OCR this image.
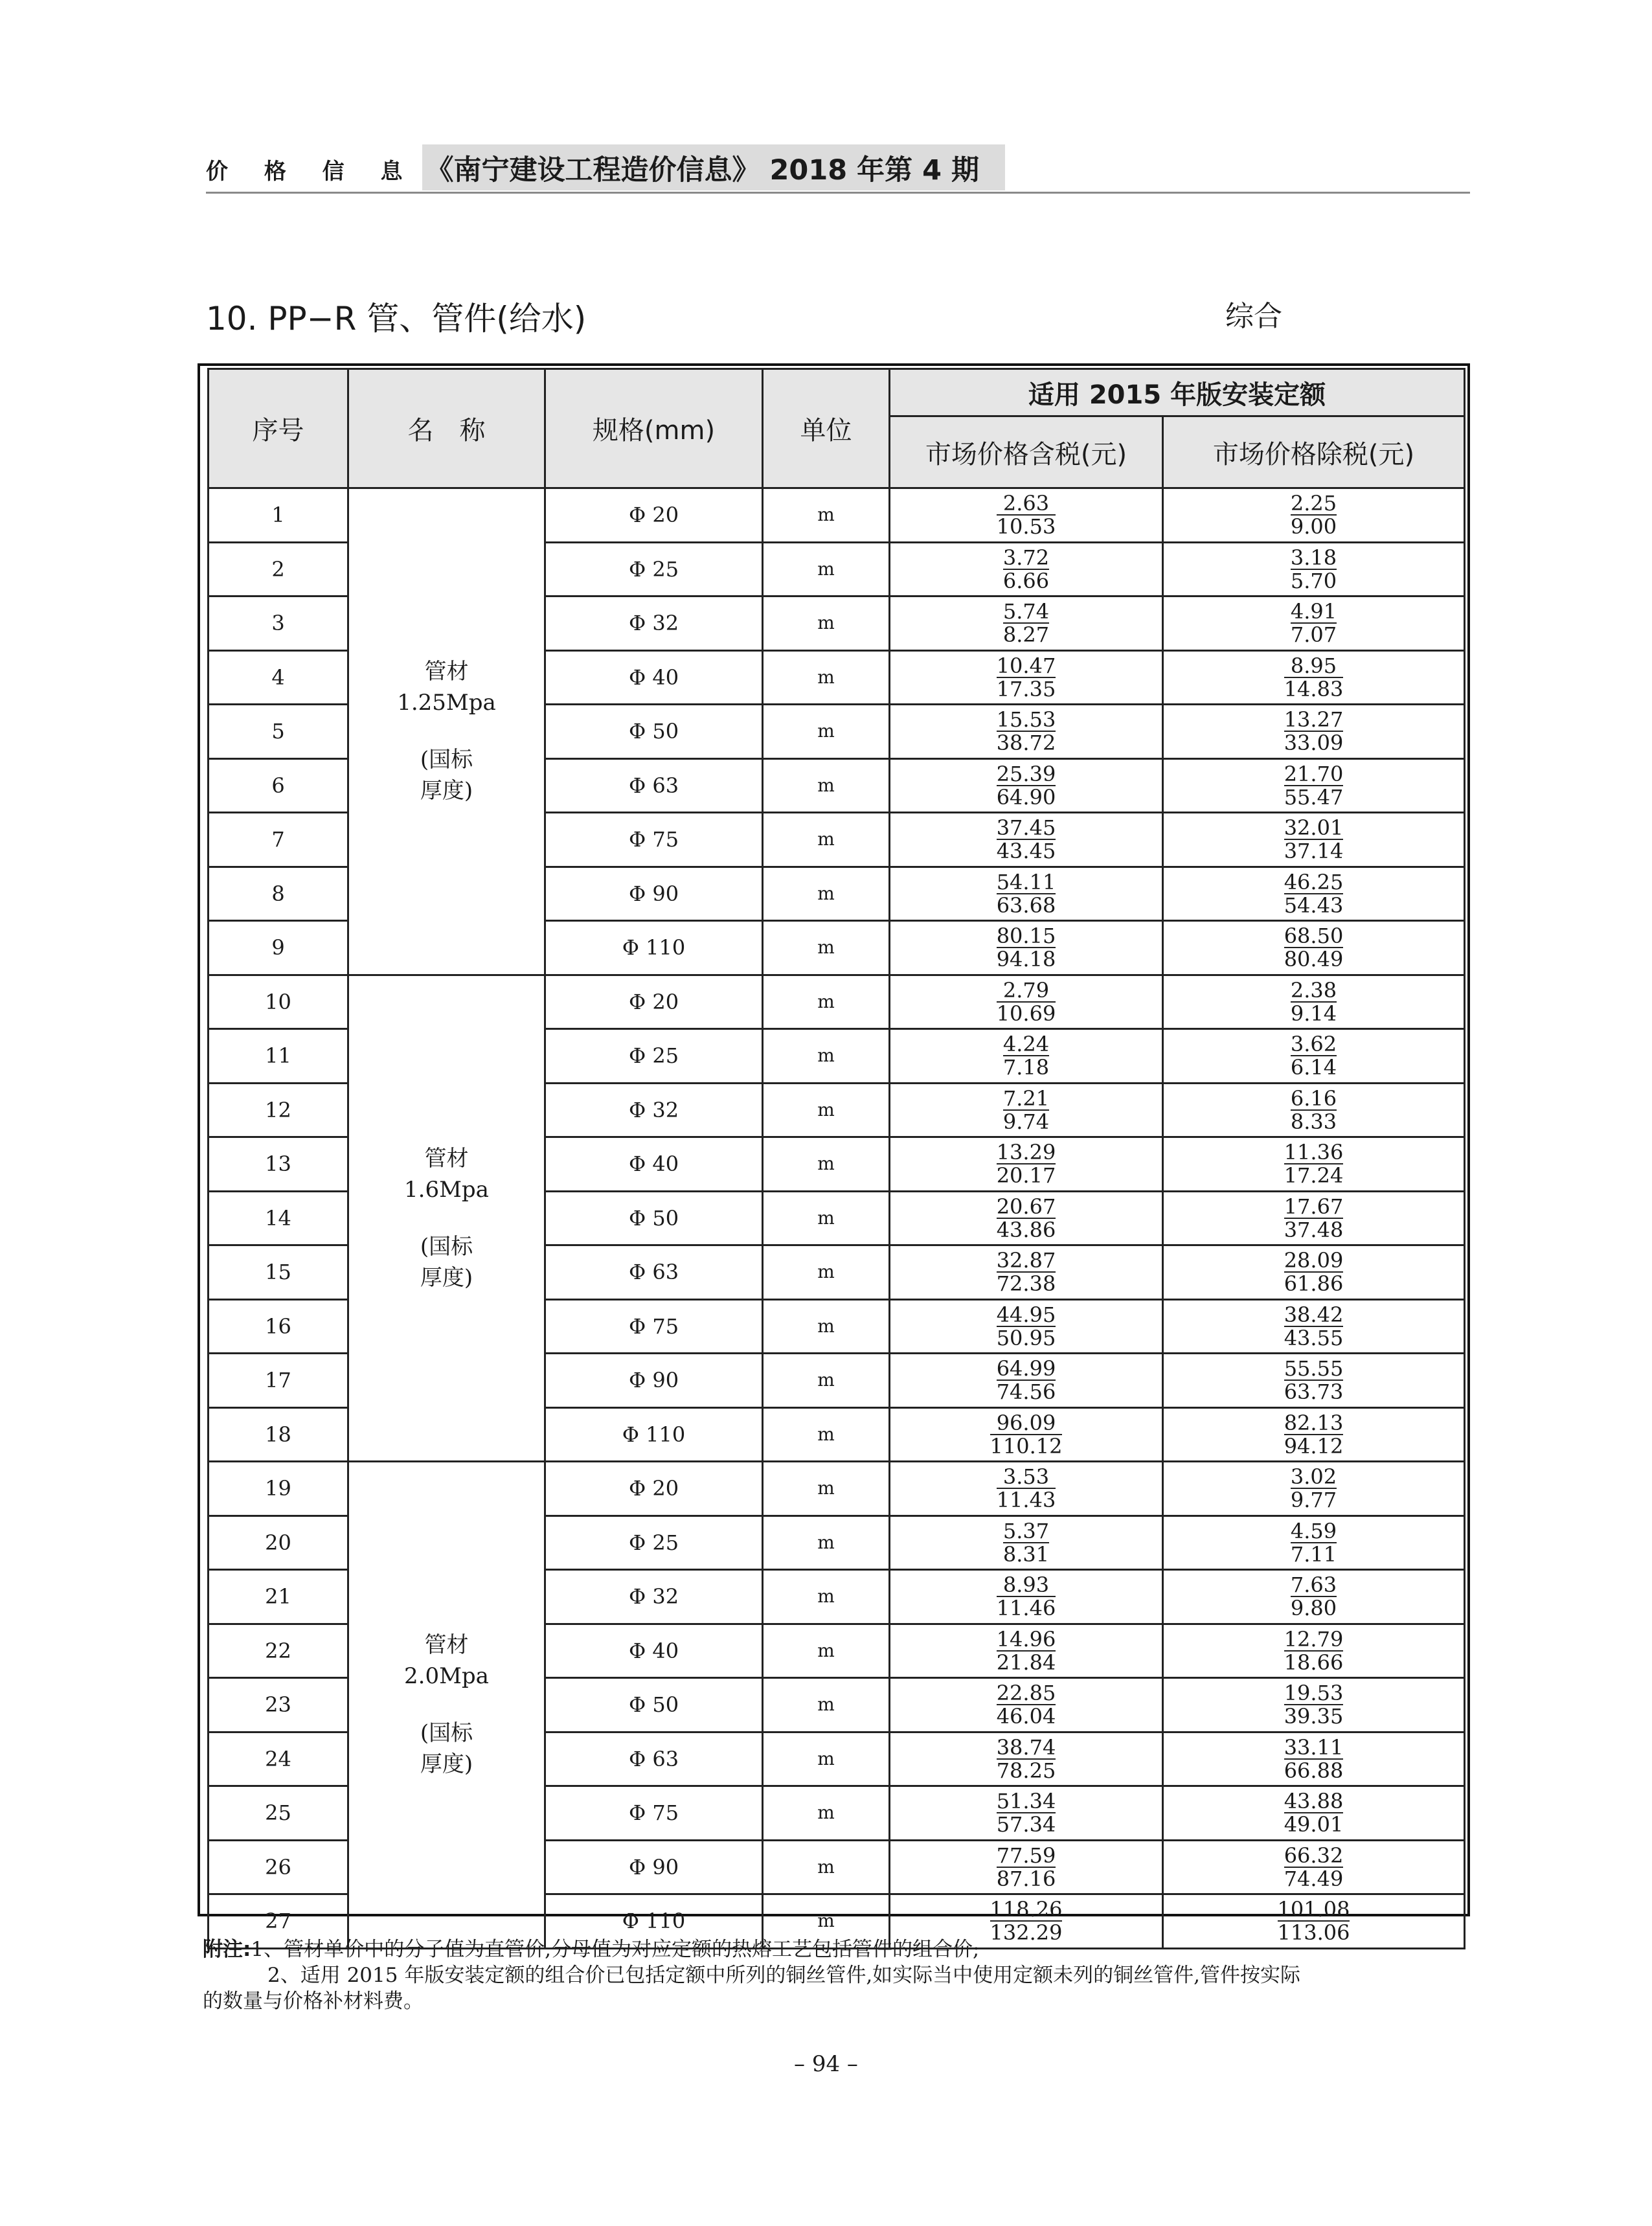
价 格 信 息 《南宁建设工程造价信息》 2018 年第 4 期
10. PP−R 管、管件(给水)	综合
序号	名　称	规格(mm)	单位	适用 2015 年版安装定额	
				市场价格含税(元)	市场价格除税(元)
1	管材
1.25Mpa
(国标
厚度)	Φ 20	m	$\frac{2.63}{10.53}$	$\frac{2.25}{9.00}$

2		Φ 25	m	$\frac{3.72}{6.66}$	$\frac{3.18}{5.70}$

3		Φ 32	m	$\frac{5.74}{8.27}$	$\frac{4.91}{7.07}$

4		Φ 40	m	$\frac{10.47}{17.35}$	$\frac{8.95}{14.83}$

5		Φ 50	m	$\frac{15.53}{38.72}$	$\frac{13.27}{33.09}$

6		Φ 63	m	$\frac{25.39}{64.90}$	$\frac{21.70}{55.47}$

7		Φ 75	m	$\frac{37.45}{43.45}$	$\frac{32.01}{37.14}$

8		Φ 90	m	$\frac{54.11}{63.68}$	$\frac{46.25}{54.43}$

9		Φ 110	m	$\frac{80.15}{94.18}$	$\frac{68.50}{80.49}$

10	管材
1.6Mpa
(国标
厚度)	Φ 20	m	$\frac{2.79}{10.69}$	$\frac{2.38}{9.14}$

11		Φ 25	m	$\frac{4.24}{7.18}$	$\frac{3.62}{6.14}$

12		Φ 32	m	$\frac{7.21}{9.74}$	$\frac{6.16}{8.33}$

13		Φ 40	m	$\frac{13.29}{20.17}$	$\frac{11.36}{17.24}$

14		Φ 50	m	$\frac{20.67}{43.86}$	$\frac{17.67}{37.48}$

15		Φ 63	m	$\frac{32.87}{72.38}$	$\frac{28.09}{61.86}$

16		Φ 75	m	$\frac{44.95}{50.95}$	$\frac{38.42}{43.55}$

17		Φ 90	m	$\frac{64.99}{74.56}$	$\frac{55.55}{63.73}$

18		Φ 110	m	$\frac{96.09}{110.12}$	$\frac{82.13}{94.12}$

19	管材
2.0Mpa
(国标
厚度)	Φ 20	m	$\frac{3.53}{11.43}$	$\frac{3.02}{9.77}$

20		Φ 25	m	$\frac{5.37}{8.31}$	$\frac{4.59}{7.11}$

21		Φ 32	m	$\frac{8.93}{11.46}$	$\frac{7.63}{9.80}$

22		Φ 40	m	$\frac{14.96}{21.84}$	$\frac{12.79}{18.66}$

23		Φ 50	m	$\frac{22.85}{46.04}$	$\frac{19.53}{39.35}$

24		Φ 63	m	$\frac{38.74}{78.25}$	$\frac{33.11}{66.88}$

25		Φ 75	m	$\frac{51.34}{57.34}$	$\frac{43.88}{49.01}$

26		Φ 90	m	$\frac{77.59}{87.16}$	$\frac{66.32}{74.49}$

27		Φ 110	m	$\frac{118.26}{132.29}$	$\frac{101.08}{113.06}$

附注:1、管材单价中的分子值为直管价,分母值为对应定额的热熔工艺包括管件的组合价;

2、适用 2015 年版安装定额的组合价已包括定额中所列的铜丝管件,如实际当中使用定额未列的铜丝管件,管件按实际

的数量与价格补材料费。

– 94 –
